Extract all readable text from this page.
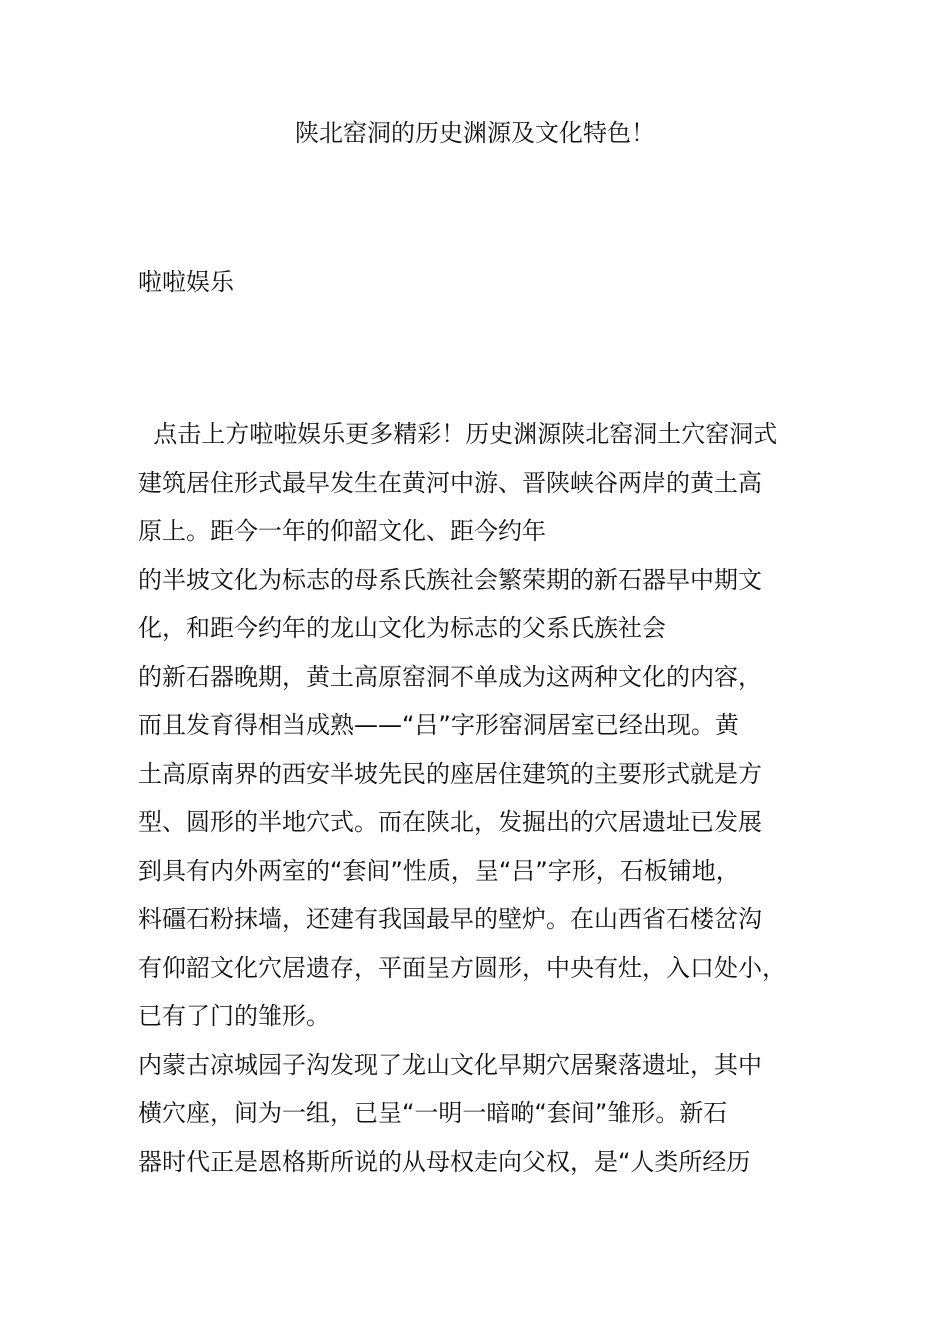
陕北窑洞的历史渊源及文化特色！

啦啦娱乐

点击上方啦啦娱乐更多精彩！历史渊源陕北窑洞土穴窑洞式
建筑居住形式最早发生在黄河中游、晋陕峡谷两岸的黄土高
原上。距今一年的仰韶文化、距今约年
的半坡文化为标志的母系氏族社会繁荣期的新石器早中期文
化，和距今约年的龙山文化为标志的父系氏族社会
的新石器晚期，黄土高原窑洞不单成为这两种文化的内容，
而且发育得相当成熟——“吕”字形窑洞居室已经出现。黄
土高原南界的西安半坡先民的座居住建筑的主要形式就是方
型、圆形的半地穴式。而在陕北，发掘出的穴居遗址已发展
到具有内外两室的“套间”性质，呈“吕”字形，石板铺地，
料礓石粉抹墙，还建有我国最早的壁炉。在山西省石楼岔沟
有仰韶文化穴居遗存，平面呈方圆形，中央有灶，入口处小，
已有了门的雏形。
内蒙古凉城园子沟发现了龙山文化早期穴居聚落遗址，其中
横穴座，间为一组，已呈“一明一暗啲“套间”雏形。新石
器时代正是恩格斯所说的从母权走向父权，是“人类所经历
